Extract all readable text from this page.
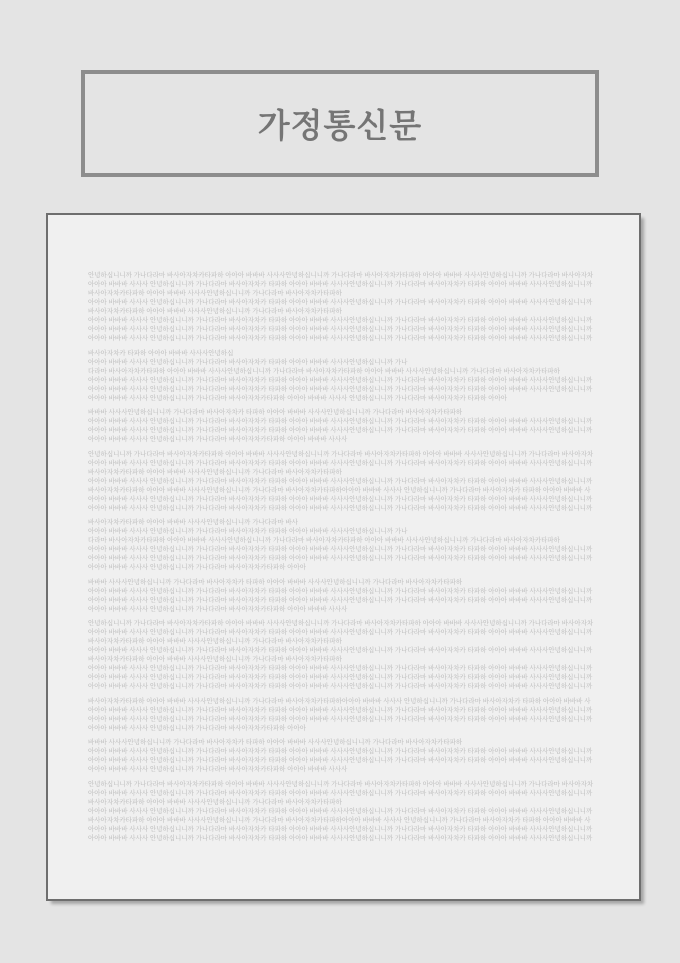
가정통신문
안녕하십니니까 가나다라마 바사아자차카타파하 아아아 바바바 사사사안녕하십니니까 가나다라마 바사아자차카타파하 아아아 바바바 사사사안녕하십니니까 가나다라마 바사아자차
아아아 바바바 사사사 안녕하십니니까 가나다라마 바사아자차카 타파하 아아아 바바바 사사사안녕하십니니까 가나다라마 바사아자차카 타파하 아아아 바바바 사사사안녕하십니니까
바사아자차카타파하 아아아 바바바 사사사안녕하십니니까 가나다라마 바사아자차카타파하
아아아 바바바 사사사 안녕하십니니까 가나다라마 바사아자차카 타파하 아아아 바바바 사사사안녕하십니니까 가나다라마 바사아자차카 타파하 아아아 바바바 사사사안녕하십니니까
바사아자차카타파하 아아아 바바바 사사사안녕하십니니까 가나다라마 바사아자차카타파하
아아아 바바바 사사사 안녕하십니니까 가나다라마 바사아자차카 타파하 아아아 바바바 사사사안녕하십니니까 가나다라마 바사아자차카 타파하 아아아 바바바 사사사안녕하십니니까
아아아 바바바 사사사 안녕하십니니까 가나다라마 바사아자차카 타파하 아아아 바바바 사사사안녕하십니니까 가나다라마 바사아자차카 타파하 아아아 바바바 사사사안녕하십니니까
아아아 바바바 사사사 안녕하십니니까 가나다라마 바사아자차카 타파하 아아아 바바바 사사사안녕하십니니까 가나다라마 바사아자차카 타파하 아아아 바바바 사사사안녕하십니니까
바사아자차카 타파하 아아아 바바바 사사사안녕하십
아아아 바바바 사사사 안녕하십니니까 가나다라마 바사아자차카 타파하 아아아 바바바 사사사안녕하십니니까 가나
다라마 바사아자차카타파하 아아아 바바바 사사사안녕하십니니까 가나다라마 바사아자차카타파하 아아아 바바바 사사사안녕하십니니까 가나다라마 바사아자차카타파하
아아아 바바바 사사사 안녕하십니니까 가나다라마 바사아자차카 타파하 아아아 바바바 사사사안녕하십니니까 가나다라마 바사아자차카 타파하 아아아 바바바 사사사안녕하십니니까
아아아 바바바 사사사 안녕하십니니까 가나다라마 바사아자차카 타파하 아아아 바바바 사사사안녕하십니니까 가나다라마 바사아자차카 타파하 아아아 바바바 사사사안녕하십니니까
아아아 바바바 사사사 안녕하십니니까 가나다라마 바사아자차카타파하 아아아 바바바 사사사 안녕하십니니까 가나다라마 바사아자차카 타파하 아아아
바바바 사사사안녕하십니니까 가나다라마 바사아자차카 타파하 아아아 바바바 사사사안녕하십니니까 가나다라마 바사아자차카타파하
아아아 바바바 사사사 안녕하십니니까 가나다라마 바사아자차카 타파하 아아아 바바바 사사사안녕하십니니까 가나다라마 바사아자차카 타파하 아아아 바바바 사사사안녕하십니니까
아아아 바바바 사사사 안녕하십니니까 가나다라마 바사아자차카 타파하 아아아 바바바 사사사안녕하십니니까 가나다라마 바사아자차카 타파하 아아아 바바바 사사사안녕하십니니까
아아아 바바바 사사사 안녕하십니니까 가나다라마 바사아자차카타파하 아아아 바바바 사사사
안녕하십니니까 가나다라마 바사아자차카타파하 아아아 바바바 사사사안녕하십니니까 가나다라마 바사아자차카타파하 아아아 바바바 사사사안녕하십니니까 가나다라마 바사아자차
아아아 바바바 사사사 안녕하십니니까 가나다라마 바사아자차카 타파하 아아아 바바바 사사사안녕하십니니까 가나다라마 바사아자차카 타파하 아아아 바바바 사사사안녕하십니니까
바사아자차카타파하 아아아 바바바 사사사안녕하십니니까 가나다라마 바사아자차카타파하
아아아 바바바 사사사 안녕하십니니까 가나다라마 바사아자차카 타파하 아아아 바바바 사사사안녕하십니니까 가나다라마 바사아자차카 타파하 아아아 바바바 사사사안녕하십니니까
바사아자차카타파하 아아아 바바바 사사사안녕하십니니까 가나다라마 바사아자차카타파하아아아 바바바 사사사 안녕하십니니까 가나다라마 바사아자차카 타파하 아아아 바바바 사
아아아 바바바 사사사 안녕하십니니까 가나다라마 바사아자차카 타파하 아아아 바바바 사사사안녕하십니니까 가나다라마 바사아자차카 타파하 아아아 바바바 사사사안녕하십니니까
아아아 바바바 사사사 안녕하십니니까 가나다라마 바사아자차카 타파하 아아아 바바바 사사사안녕하십니니까 가나다라마 바사아자차카 타파하 아아아 바바바 사사사안녕하십니니까
바사아자차카타파하 아아아 바바바 사사사안녕하십니니까 가나다라마 바사
아아아 바바바 사사사 안녕하십니니까 가나다라마 바사아자차카 타파하 아아아 바바바 사사사안녕하십니니까 가나
다라마 바사아자차카타파하 아아아 바바바 사사사안녕하십니니까 가나다라마 바사아자차카타파하 아아아 바바바 사사사안녕하십니니까 가나다라마 바사아자차카타파하
아아아 바바바 사사사 안녕하십니니까 가나다라마 바사아자차카 타파하 아아아 바바바 사사사안녕하십니니까 가나다라마 바사아자차카 타파하 아아아 바바바 사사사안녕하십니니까
아아아 바바바 사사사 안녕하십니니까 가나다라마 바사아자차카 타파하 아아아 바바바 사사사안녕하십니니까 가나다라마 바사아자차카 타파하 아아아 바바바 사사사안녕하십니니까
아아아 바바바 사사사 안녕하십니니까 가나다라마 바사아자차카타파하 아아아
바바바 사사사안녕하십니니까 가나다라마 바사아자차카 타파하 아아아 바바바 사사사안녕하십니니까 가나다라마 바사아자차카타파하
아아아 바바바 사사사 안녕하십니니까 가나다라마 바사아자차카 타파하 아아아 바바바 사사사안녕하십니니까 가나다라마 바사아자차카 타파하 아아아 바바바 사사사안녕하십니니까
아아아 바바바 사사사 안녕하십니니까 가나다라마 바사아자차카 타파하 아아아 바바바 사사사안녕하십니니까 가나다라마 바사아자차카 타파하 아아아 바바바 사사사안녕하십니니까
아아아 바바바 사사사 안녕하십니니까 가나다라마 바사아자차카타파하 아아아 바바바 사사사
안녕하십니니까 가나다라마 바사아자차카타파하 아아아 바바바 사사사안녕하십니니까 가나다라마 바사아자차카타파하 아아아 바바바 사사사안녕하십니니까 가나다라마 바사아자차
아아아 바바바 사사사 안녕하십니니까 가나다라마 바사아자차카 타파하 아아아 바바바 사사사안녕하십니니까 가나다라마 바사아자차카 타파하 아아아 바바바 사사사안녕하십니니까
바사아자차카타파하 아아아 바바바 사사사안녕하십니니까 가나다라마 바사아자차카타파하
아아아 바바바 사사사 안녕하십니니까 가나다라마 바사아자차카 타파하 아아아 바바바 사사사안녕하십니니까 가나다라마 바사아자차카 타파하 아아아 바바바 사사사안녕하십니니까
바사아자차카타파하 아아아 바바바 사사사안녕하십니니까 가나다라마 바사아자차카타파하
아아아 바바바 사사사 안녕하십니니까 가나다라마 바사아자차카 타파하 아아아 바바바 사사사안녕하십니니까 가나다라마 바사아자차카 타파하 아아아 바바바 사사사안녕하십니니까
아아아 바바바 사사사 안녕하십니니까 가나다라마 바사아자차카 타파하 아아아 바바바 사사사안녕하십니니까 가나다라마 바사아자차카 타파하 아아아 바바바 사사사안녕하십니니까
아아아 바바바 사사사 안녕하십니니까 가나다라마 바사아자차카 타파하 아아아 바바바 사사사안녕하십니니까 가나다라마 바사아자차카 타파하 아아아 바바바 사사사안녕하십니니까
바사아자차카타파하 아아아 바바바 사사사안녕하십니니까 가나다라마 바사아자차카타파하아아아 바바바 사사사 안녕하십니니까 가나다라마 바사아자차카 타파하 아아아 바바바 사
아아아 바바바 사사사 안녕하십니니까 가나다라마 바사아자차카 타파하 아아아 바바바 사사사안녕하십니니까 가나다라마 바사아자차카 타파하 아아아 바바바 사사사안녕하십니니까
아아아 바바바 사사사 안녕하십니니까 가나다라마 바사아자차카 타파하 아아아 바바바 사사사안녕하십니니까 가나다라마 바사아자차카 타파하 아아아 바바바 사사사안녕하십니니까
아아아 바바바 사사사 안녕하십니니까 가나다라마 바사아자차카타파하 아아아
바바바 사사사안녕하십니니까 가나다라마 바사아자차카 타파하 아아아 바바바 사사사안녕하십니니까 가나다라마 바사아자차카타파하
아아아 바바바 사사사 안녕하십니니까 가나다라마 바사아자차카 타파하 아아아 바바바 사사사안녕하십니니까 가나다라마 바사아자차카 타파하 아아아 바바바 사사사안녕하십니니까
아아아 바바바 사사사 안녕하십니니까 가나다라마 바사아자차카 타파하 아아아 바바바 사사사안녕하십니니까 가나다라마 바사아자차카 타파하 아아아 바바바 사사사안녕하십니니까
아아아 바바바 사사사 안녕하십니니까 가나다라마 바사아자차카타파하 아아아 바바바 사사사
안녕하십니니까 가나다라마 바사아자차카타파하 아아아 바바바 사사사안녕하십니니까 가나다라마 바사아자차카타파하 아아아 바바바 사사사안녕하십니니까 가나다라마 바사아자차
아아아 바바바 사사사 안녕하십니니까 가나다라마 바사아자차카 타파하 아아아 바바바 사사사안녕하십니니까 가나다라마 바사아자차카 타파하 아아아 바바바 사사사안녕하십니니까
바사아자차카타파하 아아아 바바바 사사사안녕하십니니까 가나다라마 바사아자차카타파하
아아아 바바바 사사사 안녕하십니니까 가나다라마 바사아자차카 타파하 아아아 바바바 사사사안녕하십니니까 가나다라마 바사아자차카 타파하 아아아 바바바 사사사안녕하십니니까
바사아자차카타파하 아아아 바바바 사사사안녕하십니니까 가나다라마 바사아자차카타파하아아아 바바바 사사사 안녕하십니니까 가나다라마 바사아자차카 타파하 아아아 바바바 사
아아아 바바바 사사사 안녕하십니니까 가나다라마 바사아자차카 타파하 아아아 바바바 사사사안녕하십니니까 가나다라마 바사아자차카 타파하 아아아 바바바 사사사안녕하십니니까
아아아 바바바 사사사 안녕하십니니까 가나다라마 바사아자차카 타파하 아아아 바바바 사사사안녕하십니니까 가나다라마 바사아자차카 타파하 아아아 바바바 사사사안녕하십니니까
